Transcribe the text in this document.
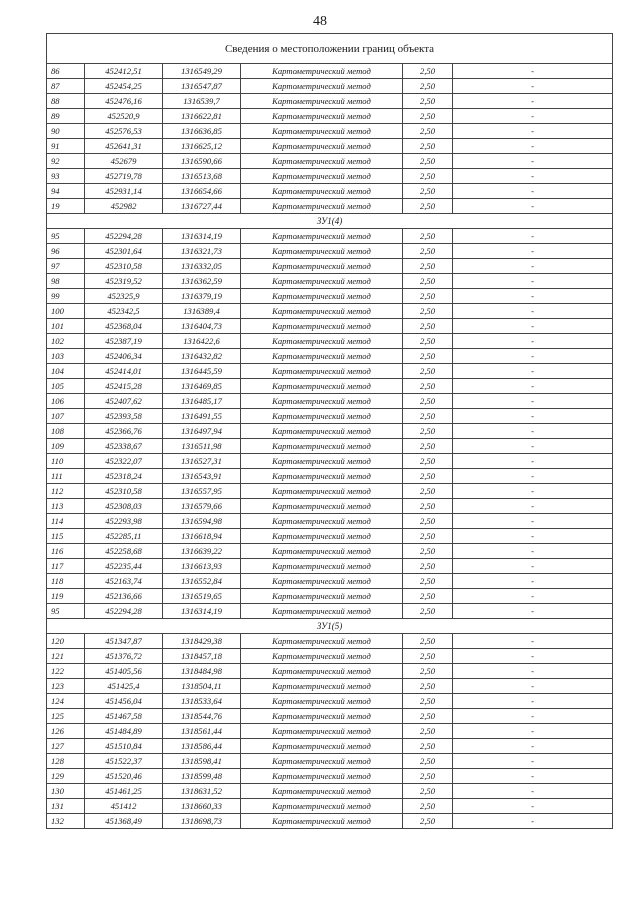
48
Сведения о местоположении границ объекта					
86	452412,51	1316549,29	Картометрический метод	2,50	-
87	452454,25	1316547,87	Картометрический метод	2,50	-
88	452476,16	1316539,7	Картометрический метод	2,50	-
89	452520,9	1316622,81	Картометрический метод	2,50	-
90	452576,53	1316636,85	Картометрический метод	2,50	-
91	452641,31	1316625,12	Картометрический метод	2,50	-
92	452679	1316590,66	Картометрический метод	2,50	-
93	452719,78	1316513,68	Картометрический метод	2,50	-
94	452931,14	1316654,66	Картометрический метод	2,50	-
19	452982	1316727,44	Картометрический метод	2,50	-
ЗУ1(4)					
95	452294,28	1316314,19	Картометрический метод	2,50	-
96	452301,64	1316321,73	Картометрический метод	2,50	-
97	452310,58	1316332,05	Картометрический метод	2,50	-
98	452319,52	1316362,59	Картометрический метод	2,50	-
99	452325,9	1316379,19	Картометрический метод	2,50	-
100	452342,5	1316389,4	Картометрический метод	2,50	-
101	452368,04	1316404,73	Картометрический метод	2,50	-
102	452387,19	1316422,6	Картометрический метод	2,50	-
103	452406,34	1316432,82	Картометрический метод	2,50	-
104	452414,01	1316445,59	Картометрический метод	2,50	-
105	452415,28	1316469,85	Картометрический метод	2,50	-
106	452407,62	1316485,17	Картометрический метод	2,50	-
107	452393,58	1316491,55	Картометрический метод	2,50	-
108	452366,76	1316497,94	Картометрический метод	2,50	-
109	452338,67	1316511,98	Картометрический метод	2,50	-
110	452322,07	1316527,31	Картометрический метод	2,50	-
111	452318,24	1316543,91	Картометрический метод	2,50	-
112	452310,58	1316557,95	Картометрический метод	2,50	-
113	452308,03	1316579,66	Картометрический метод	2,50	-
114	452293,98	1316594,98	Картометрический метод	2,50	-
115	452285,11	1316618,94	Картометрический метод	2,50	-
116	452258,68	1316639,22	Картометрический метод	2,50	-
117	452235,44	1316613,93	Картометрический метод	2,50	-
118	452163,74	1316552,84	Картометрический метод	2,50	-
119	452136,66	1316519,65	Картометрический метод	2,50	-
95	452294,28	1316314,19	Картометрический метод	2,50	-
ЗУ1(5)					
120	451347,87	1318429,38	Картометрический метод	2,50	-
121	451376,72	1318457,18	Картометрический метод	2,50	-
122	451405,56	1318484,98	Картометрический метод	2,50	-
123	451425,4	1318504,11	Картометрический метод	2,50	-
124	451456,04	1318533,64	Картометрический метод	2,50	-
125	451467,58	1318544,76	Картометрический метод	2,50	-
126	451484,89	1318561,44	Картометрический метод	2,50	-
127	451510,84	1318586,44	Картометрический метод	2,50	-
128	451522,37	1318598,41	Картометрический метод	2,50	-
129	451520,46	1318599,48	Картометрический метод	2,50	-
130	451461,25	1318631,52	Картометрический метод	2,50	-
131	451412	1318660,33	Картометрический метод	2,50	-
132	451368,49	1318698,73	Картометрический метод	2,50	-
